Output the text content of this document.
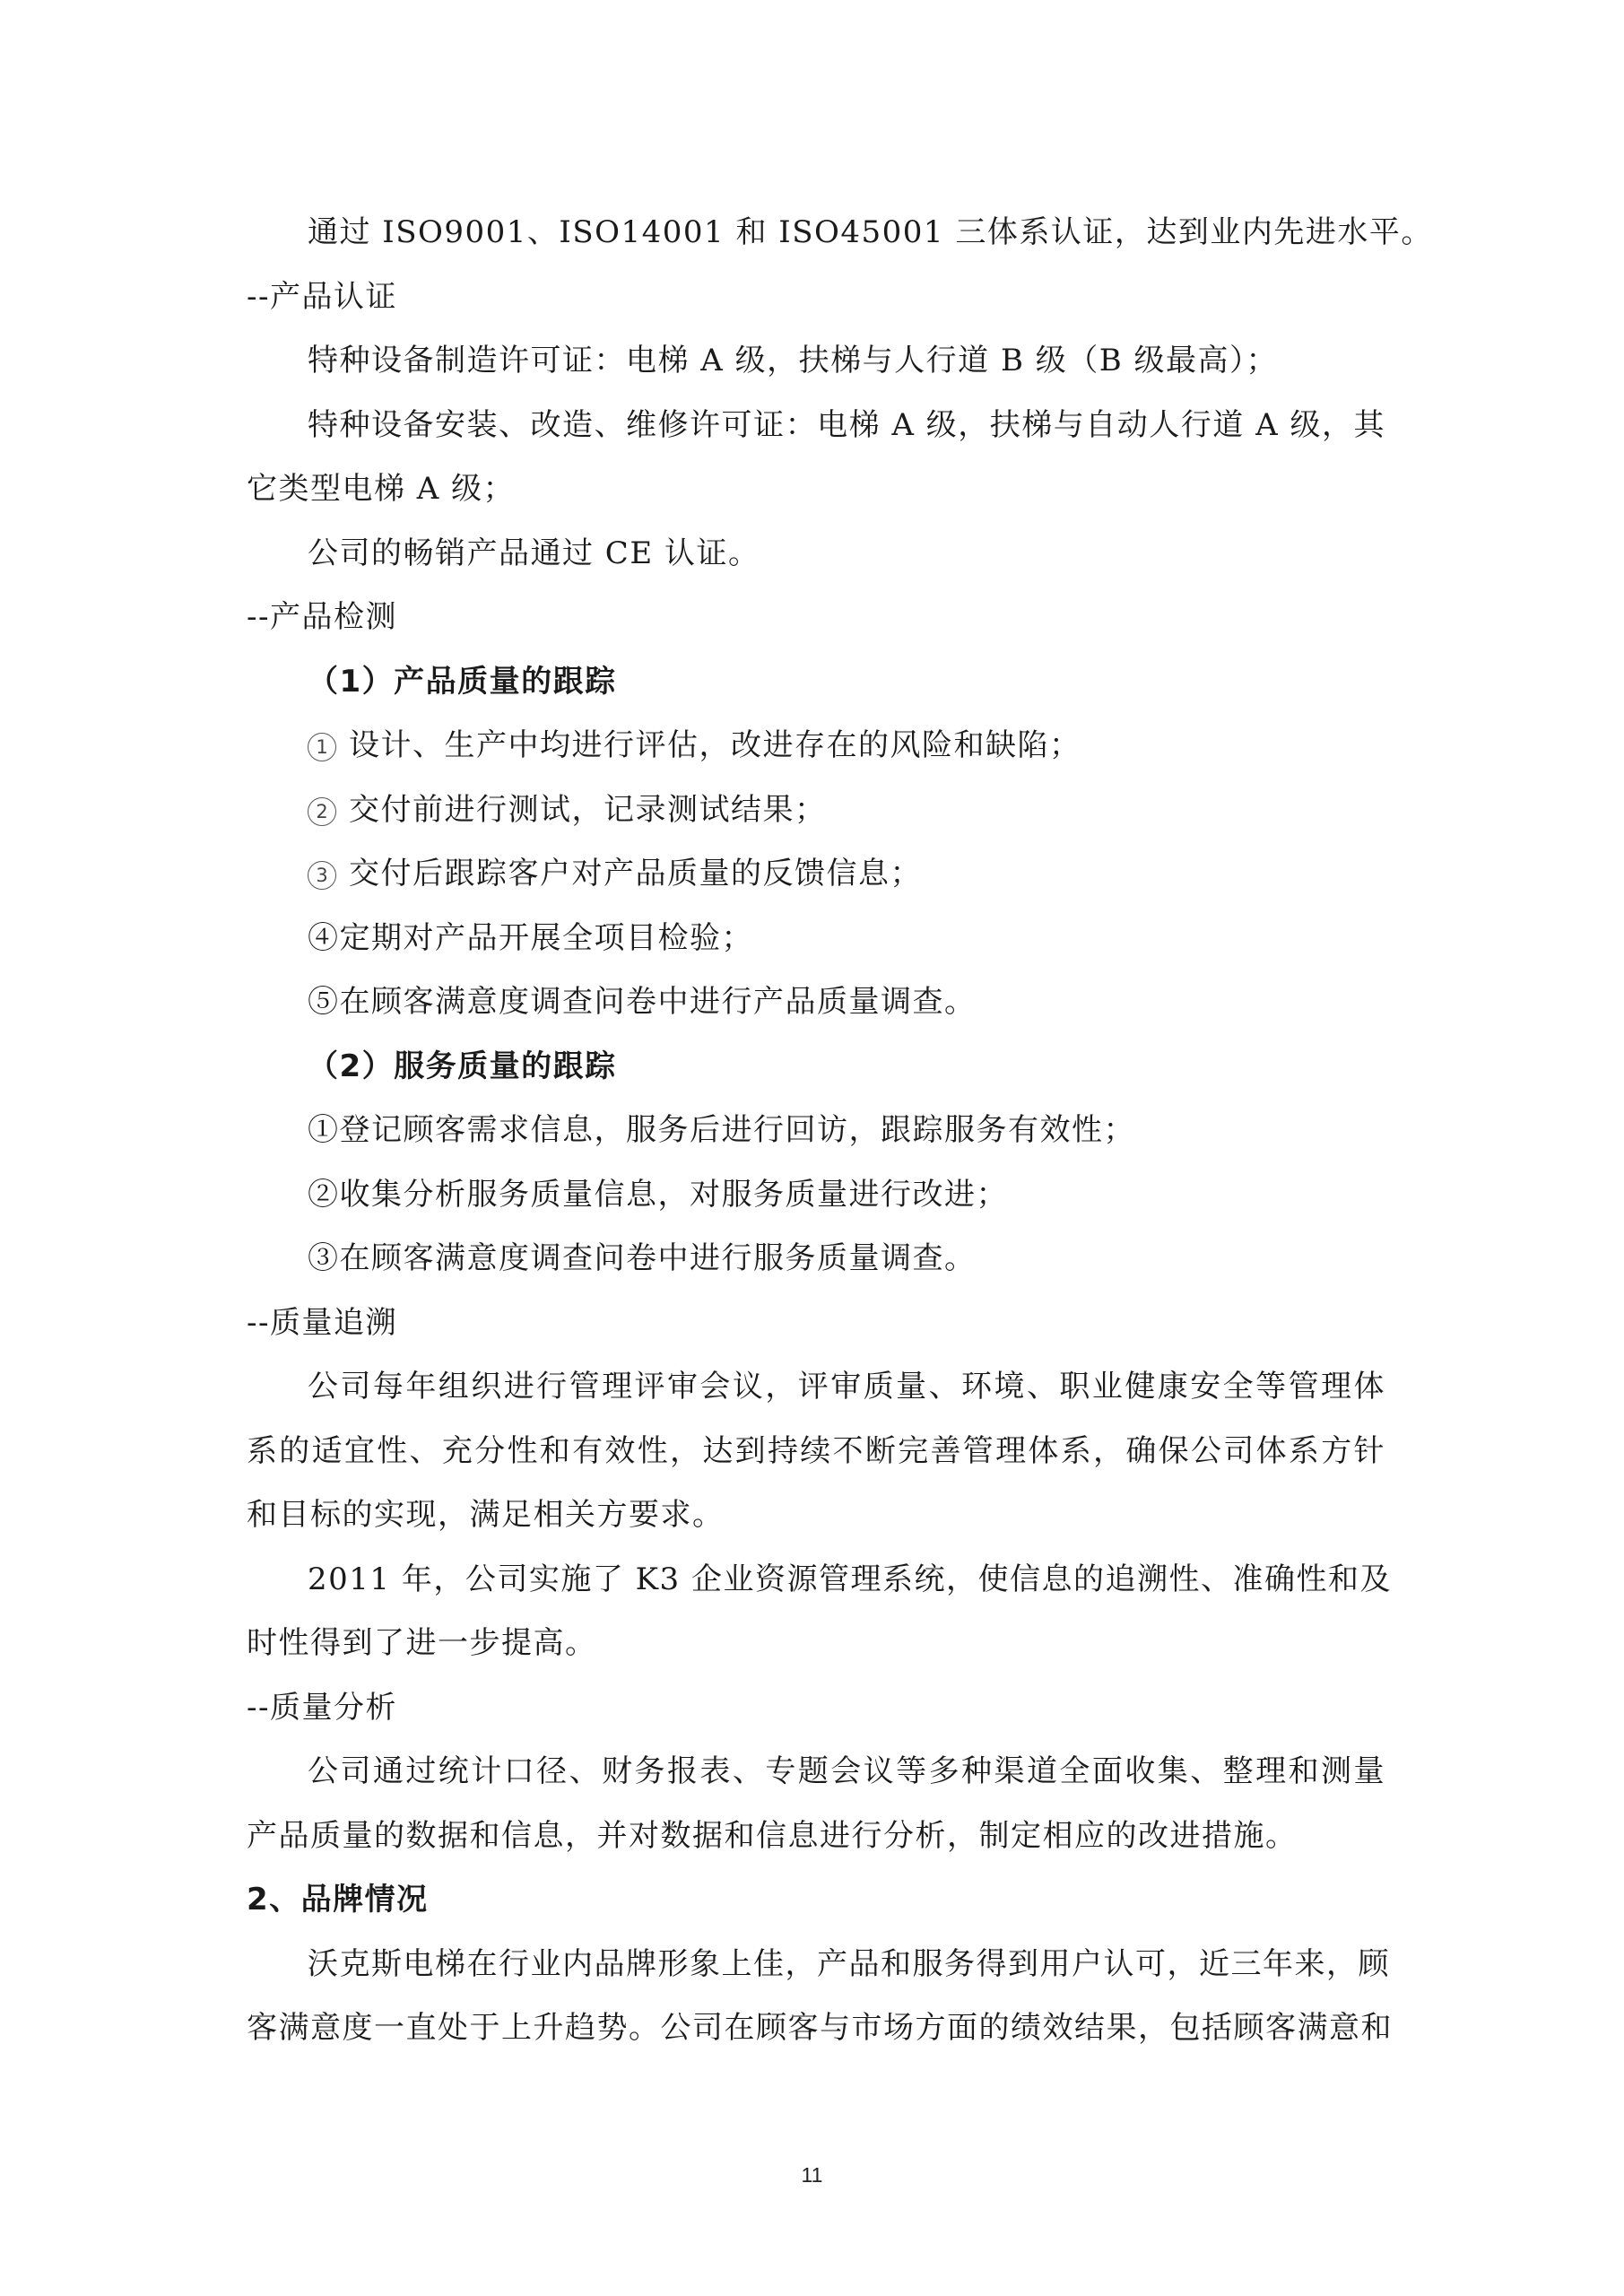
通过 ISO9001、ISO14001 和 ISO45001 三体系认证，达到业内先进水平。
--产品认证
特种设备制造许可证：电梯 A 级，扶梯与人行道 B 级（B 级最高）；
特种设备安装、改造、维修许可证：电梯 A 级，扶梯与自动人行道 A 级，其
它类型电梯 A 级；
公司的畅销产品通过 CE 认证。
--产品检测
（1）产品质量的跟踪
1 设计、生产中均进行评估，改进存在的风险和缺陷；
2 交付前进行测试，记录测试结果；
3 交付后跟踪客户对产品质量的反馈信息；
④定期对产品开展全项目检验；
⑤在顾客满意度调查问卷中进行产品质量调查。
（2）服务质量的跟踪
①登记顾客需求信息，服务后进行回访，跟踪服务有效性；
②收集分析服务质量信息，对服务质量进行改进；
③在顾客满意度调查问卷中进行服务质量调查。
--质量追溯
公司每年组织进行管理评审会议，评审质量、环境、职业健康安全等管理体
系的适宜性、充分性和有效性，达到持续不断完善管理体系，确保公司体系方针
和目标的实现，满足相关方要求。
2011 年，公司实施了 K3 企业资源管理系统，使信息的追溯性、准确性和及
时性得到了进一步提高。
--质量分析
公司通过统计口径、财务报表、专题会议等多种渠道全面收集、整理和测量
产品质量的数据和信息，并对数据和信息进行分析，制定相应的改进措施。
2、品牌情况
沃克斯电梯在行业内品牌形象上佳，产品和服务得到用户认可，近三年来，顾
客满意度一直处于上升趋势。公司在顾客与市场方面的绩效结果，包括顾客满意和
11
